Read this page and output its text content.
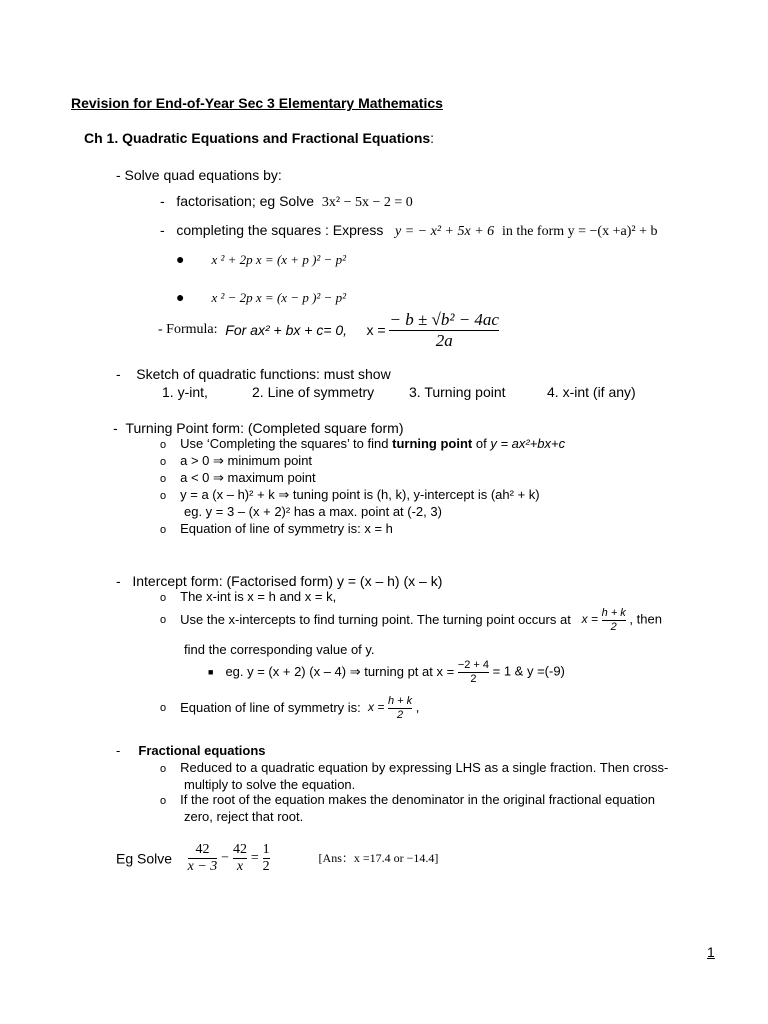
Revision for End-of-Year Sec 3 Elementary Mathematics
Ch 1. Quadratic Equations and Fractional Equations:
- Solve quad equations by:
-   factorisation; eg Solve 3x² − 5x − 2 = 0
-   completing the squares : Express y = − x² + 5x + 6 in the form y = −(x +a)² + b
● x ² + 2p x = (x + p )² − p²
● x ² − 2p x = (x − p )² − p²
- Formula: For ax² + bx + c= 0, $x = \frac{\text{− b ± √b² − 4ac}}{2a}$
-    Sketch of quadratic functions: must show
1. y-int,	2. Line of symmetry 3. Turning point	4. x-int (if any)
-  Turning Point form: (Completed square form)
o Use ‘Completing the squares’ to find turning point of y = ax²+bx+c
o a > 0 ⇒ minimum point
o a < 0 ⇒ maximum point
o y = a (x – h)² + k ⇒ tuning point is (h, k), y-intercept is (ah² + k)
eg. y = 3 – (x + 2)² has a max. point at (-2, 3)
o Equation of line of symmetry is: x = h
-   Intercept form: (Factorised form) y = (x – h) (x – k)
o The x-int is x = h and x = k,
o Use the x-intercepts to find turning point. The turning point occurs at $x = \frac{h + k}{2}$ , then
find the corresponding value of y.
■ eg. y = (x + 2) (x – 4) ⇒ turning pt at $x = \frac{-2 + 4}{2} = 1$ & y =(-9)
o Equation of line of symmetry is: $x = \frac{h + k}{2}$ ,
-     Fractional equations
o Reduced to a quadratic equation by expressing LHS as a single fraction. Then cross-
multiply to solve the equation.
o If the root of the equation makes the denominator in the original fractional equation
zero, reject that root.
Eg Solve $\frac{42}{x - 3} - \frac{42}{x} = \frac{1}{2}$	[Ans：x =17.4 or −14.4]
1
